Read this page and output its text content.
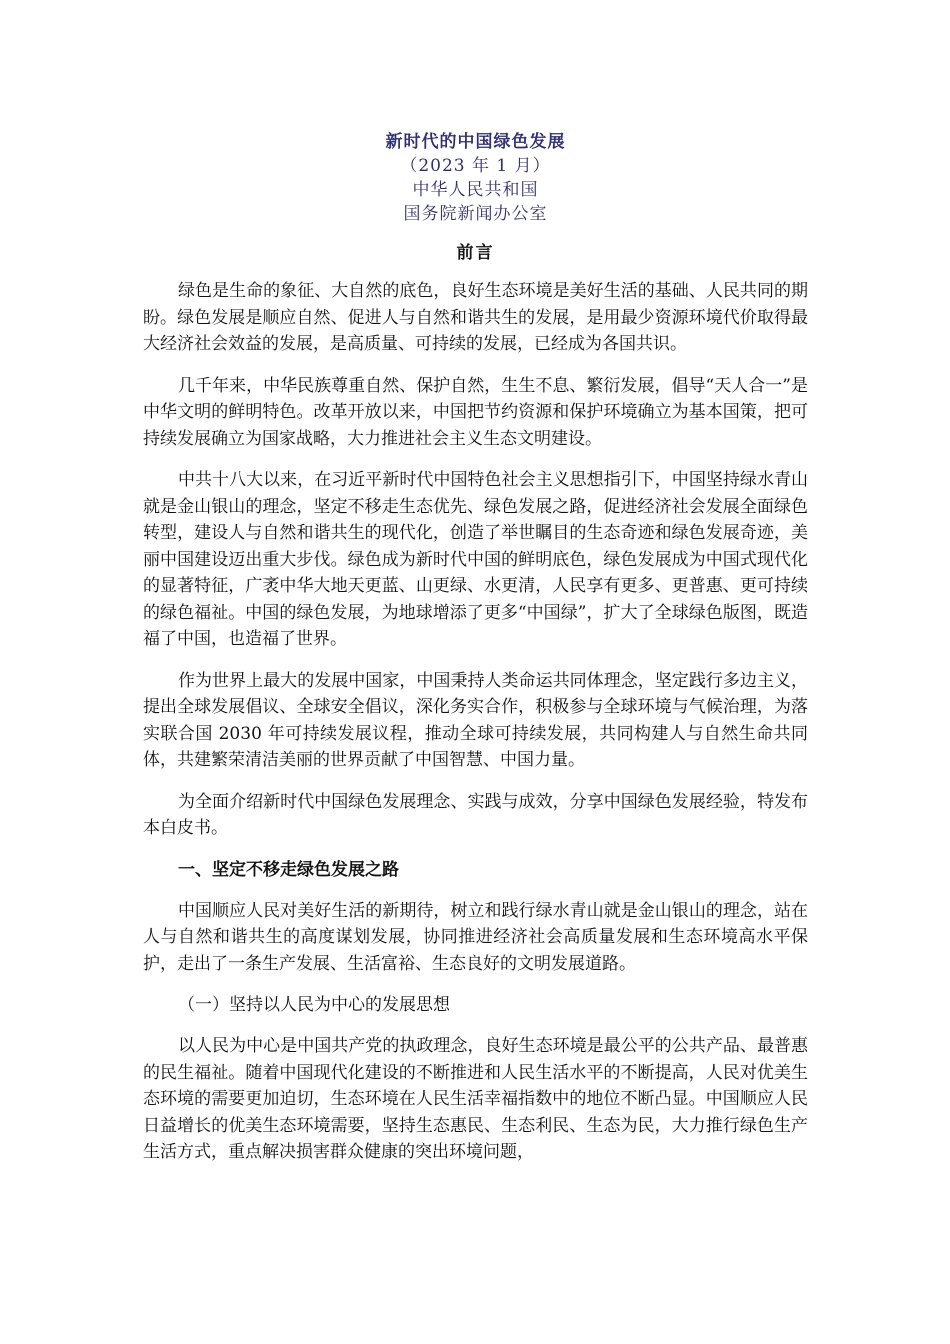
新时代的中国绿色发展
（2023 年 1 月）
中华人民共和国
国务院新闻办公室
前言

绿色是生命的象征、大自然的底色，良好生态环境是美好生活的基础、人民共同的期盼。绿色发展是顺应自然、促进人与自然和谐共生的发展，是用最少资源环境代价取得最大经济社会效益的发展，是高质量、可持续的发展，已经成为各国共识。

几千年来，中华民族尊重自然、保护自然，生生不息、繁衍发展，倡导“天人合一”是中华文明的鲜明特色。改革开放以来，中国把节约资源和保护环境确立为基本国策，把可持续发展确立为国家战略，大力推进社会主义生态文明建设。

中共十八大以来，在习近平新时代中国特色社会主义思想指引下，中国坚持绿水青山就是金山银山的理念，坚定不移走生态优先、绿色发展之路，促进经济社会发展全面绿色转型，建设人与自然和谐共生的现代化，创造了举世瞩目的生态奇迹和绿色发展奇迹，美丽中国建设迈出重大步伐。绿色成为新时代中国的鲜明底色，绿色发展成为中国式现代化的显著特征，广袤中华大地天更蓝、山更绿、水更清，人民享有更多、更普惠、更可持续的绿色福祉。中国的绿色发展，为地球增添了更多“中国绿”，扩大了全球绿色版图，既造福了中国，也造福了世界。

作为世界上最大的发展中国家，中国秉持人类命运共同体理念，坚定践行多边主义，提出全球发展倡议、全球安全倡议，深化务实合作，积极参与全球环境与气候治理，为落实联合国 2030 年可持续发展议程，推动全球可持续发展，共同构建人与自然生命共同体，共建繁荣清洁美丽的世界贡献了中国智慧、中国力量。

为全面介绍新时代中国绿色发展理念、实践与成效，分享中国绿色发展经验，特发布本白皮书。

一、坚定不移走绿色发展之路

中国顺应人民对美好生活的新期待，树立和践行绿水青山就是金山银山的理念，站在人与自然和谐共生的高度谋划发展，协同推进经济社会高质量发展和生态环境高水平保护，走出了一条生产发展、生活富裕、生态良好的文明发展道路。

（一）坚持以人民为中心的发展思想

以人民为中心是中国共产党的执政理念，良好生态环境是最公平的公共产品、最普惠的民生福祉。随着中国现代化建设的不断推进和人民生活水平的不断提高，人民对优美生态环境的需要更加迫切，生态环境在人民生活幸福指数中的地位不断凸显。中国顺应人民日益增长的优美生态环境需要，坚持生态惠民、生态利民、生态为民，大力推行绿色生产生活方式，重点解决损害群众健康的突出环境问题，
